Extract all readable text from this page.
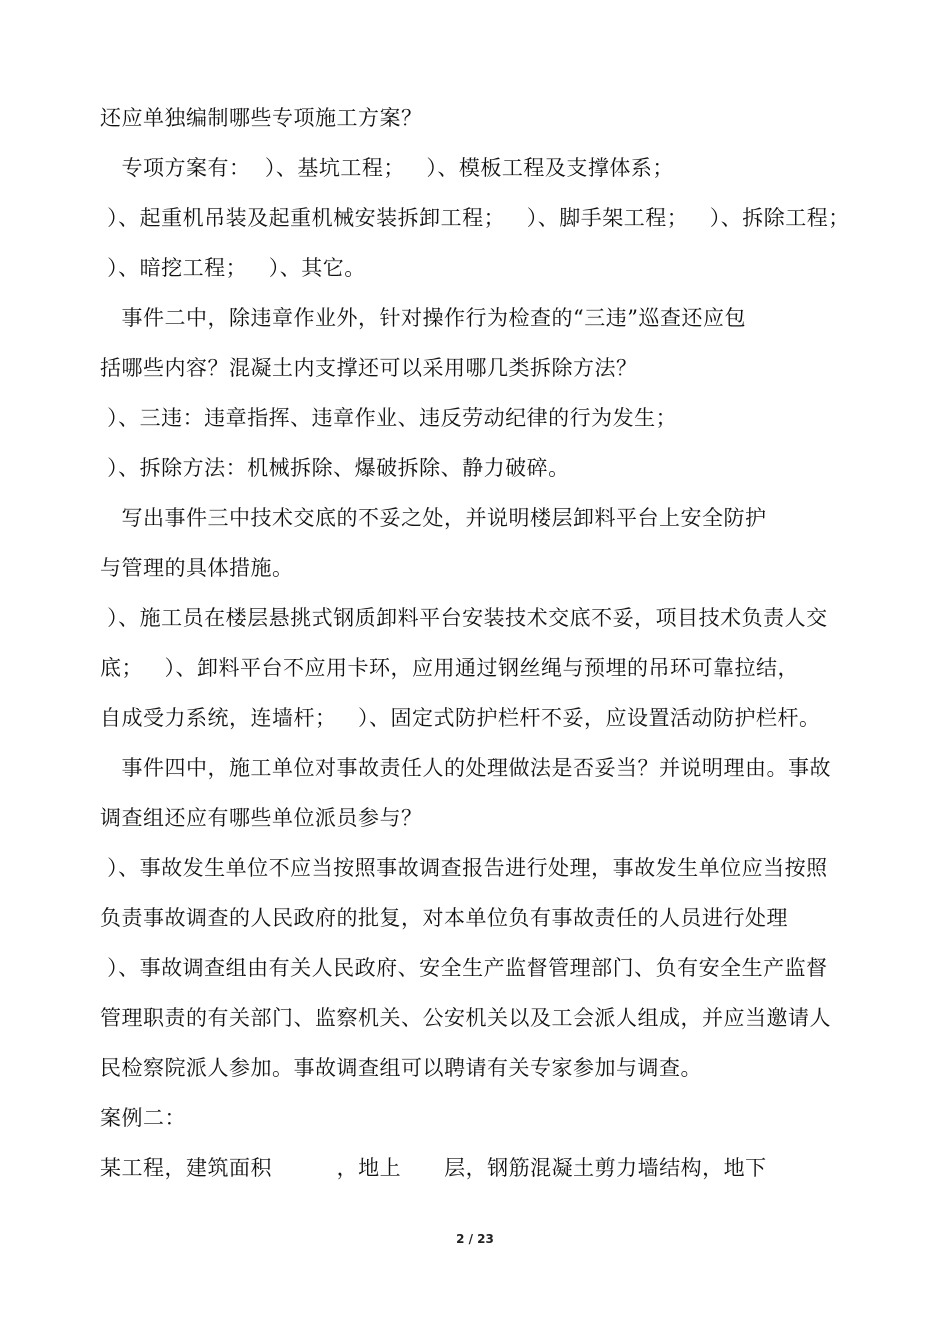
还应单独编制哪些专项施工方案？
专项方案有：  ）、基坑工程；   ）、模板工程及支撑体系；
）、起重机吊装及起重机械安装拆卸工程；   ）、脚手架工程；   ）、拆除工程；
）、暗挖工程；   ）、其它。
事件二中，除违章作业外，针对操作行为检查的“三违”巡查还应包
括哪些内容？混凝土内支撑还可以采用哪几类拆除方法？
）、三违：违章指挥、违章作业、违反劳动纪律的行为发生；
）、拆除方法：机械拆除、爆破拆除、静力破碎。
写出事件三中技术交底的不妥之处，并说明楼层卸料平台上安全防护
与管理的具体措施。
）、施工员在楼层悬挑式钢质卸料平台安装技术交底不妥，项目技术负责人交
底；   ）、卸料平台不应用卡环，应用通过钢丝绳与预埋的吊环可靠拉结，
自成受力系统，连墙杆；   ）、固定式防护栏杆不妥，应设置活动防护栏杆。
事件四中，施工单位对事故责任人的处理做法是否妥当？并说明理由。事故
调查组还应有哪些单位派员参与？
）、事故发生单位不应当按照事故调查报告进行处理，事故发生单位应当按照
负责事故调查的人民政府的批复，对本单位负有事故责任的人员进行处理
）、事故调查组由有关人民政府、安全生产监督管理部门、负有安全生产监督
管理职责的有关部门、监察机关、公安机关以及工会派人组成，并应当邀请人
民检察院派人参加。事故调查组可以聘请有关专家参加与调查。
案例二：
某工程，建筑面积         ，地上      层，钢筋混凝土剪力墙结构，地下
2 / 23
